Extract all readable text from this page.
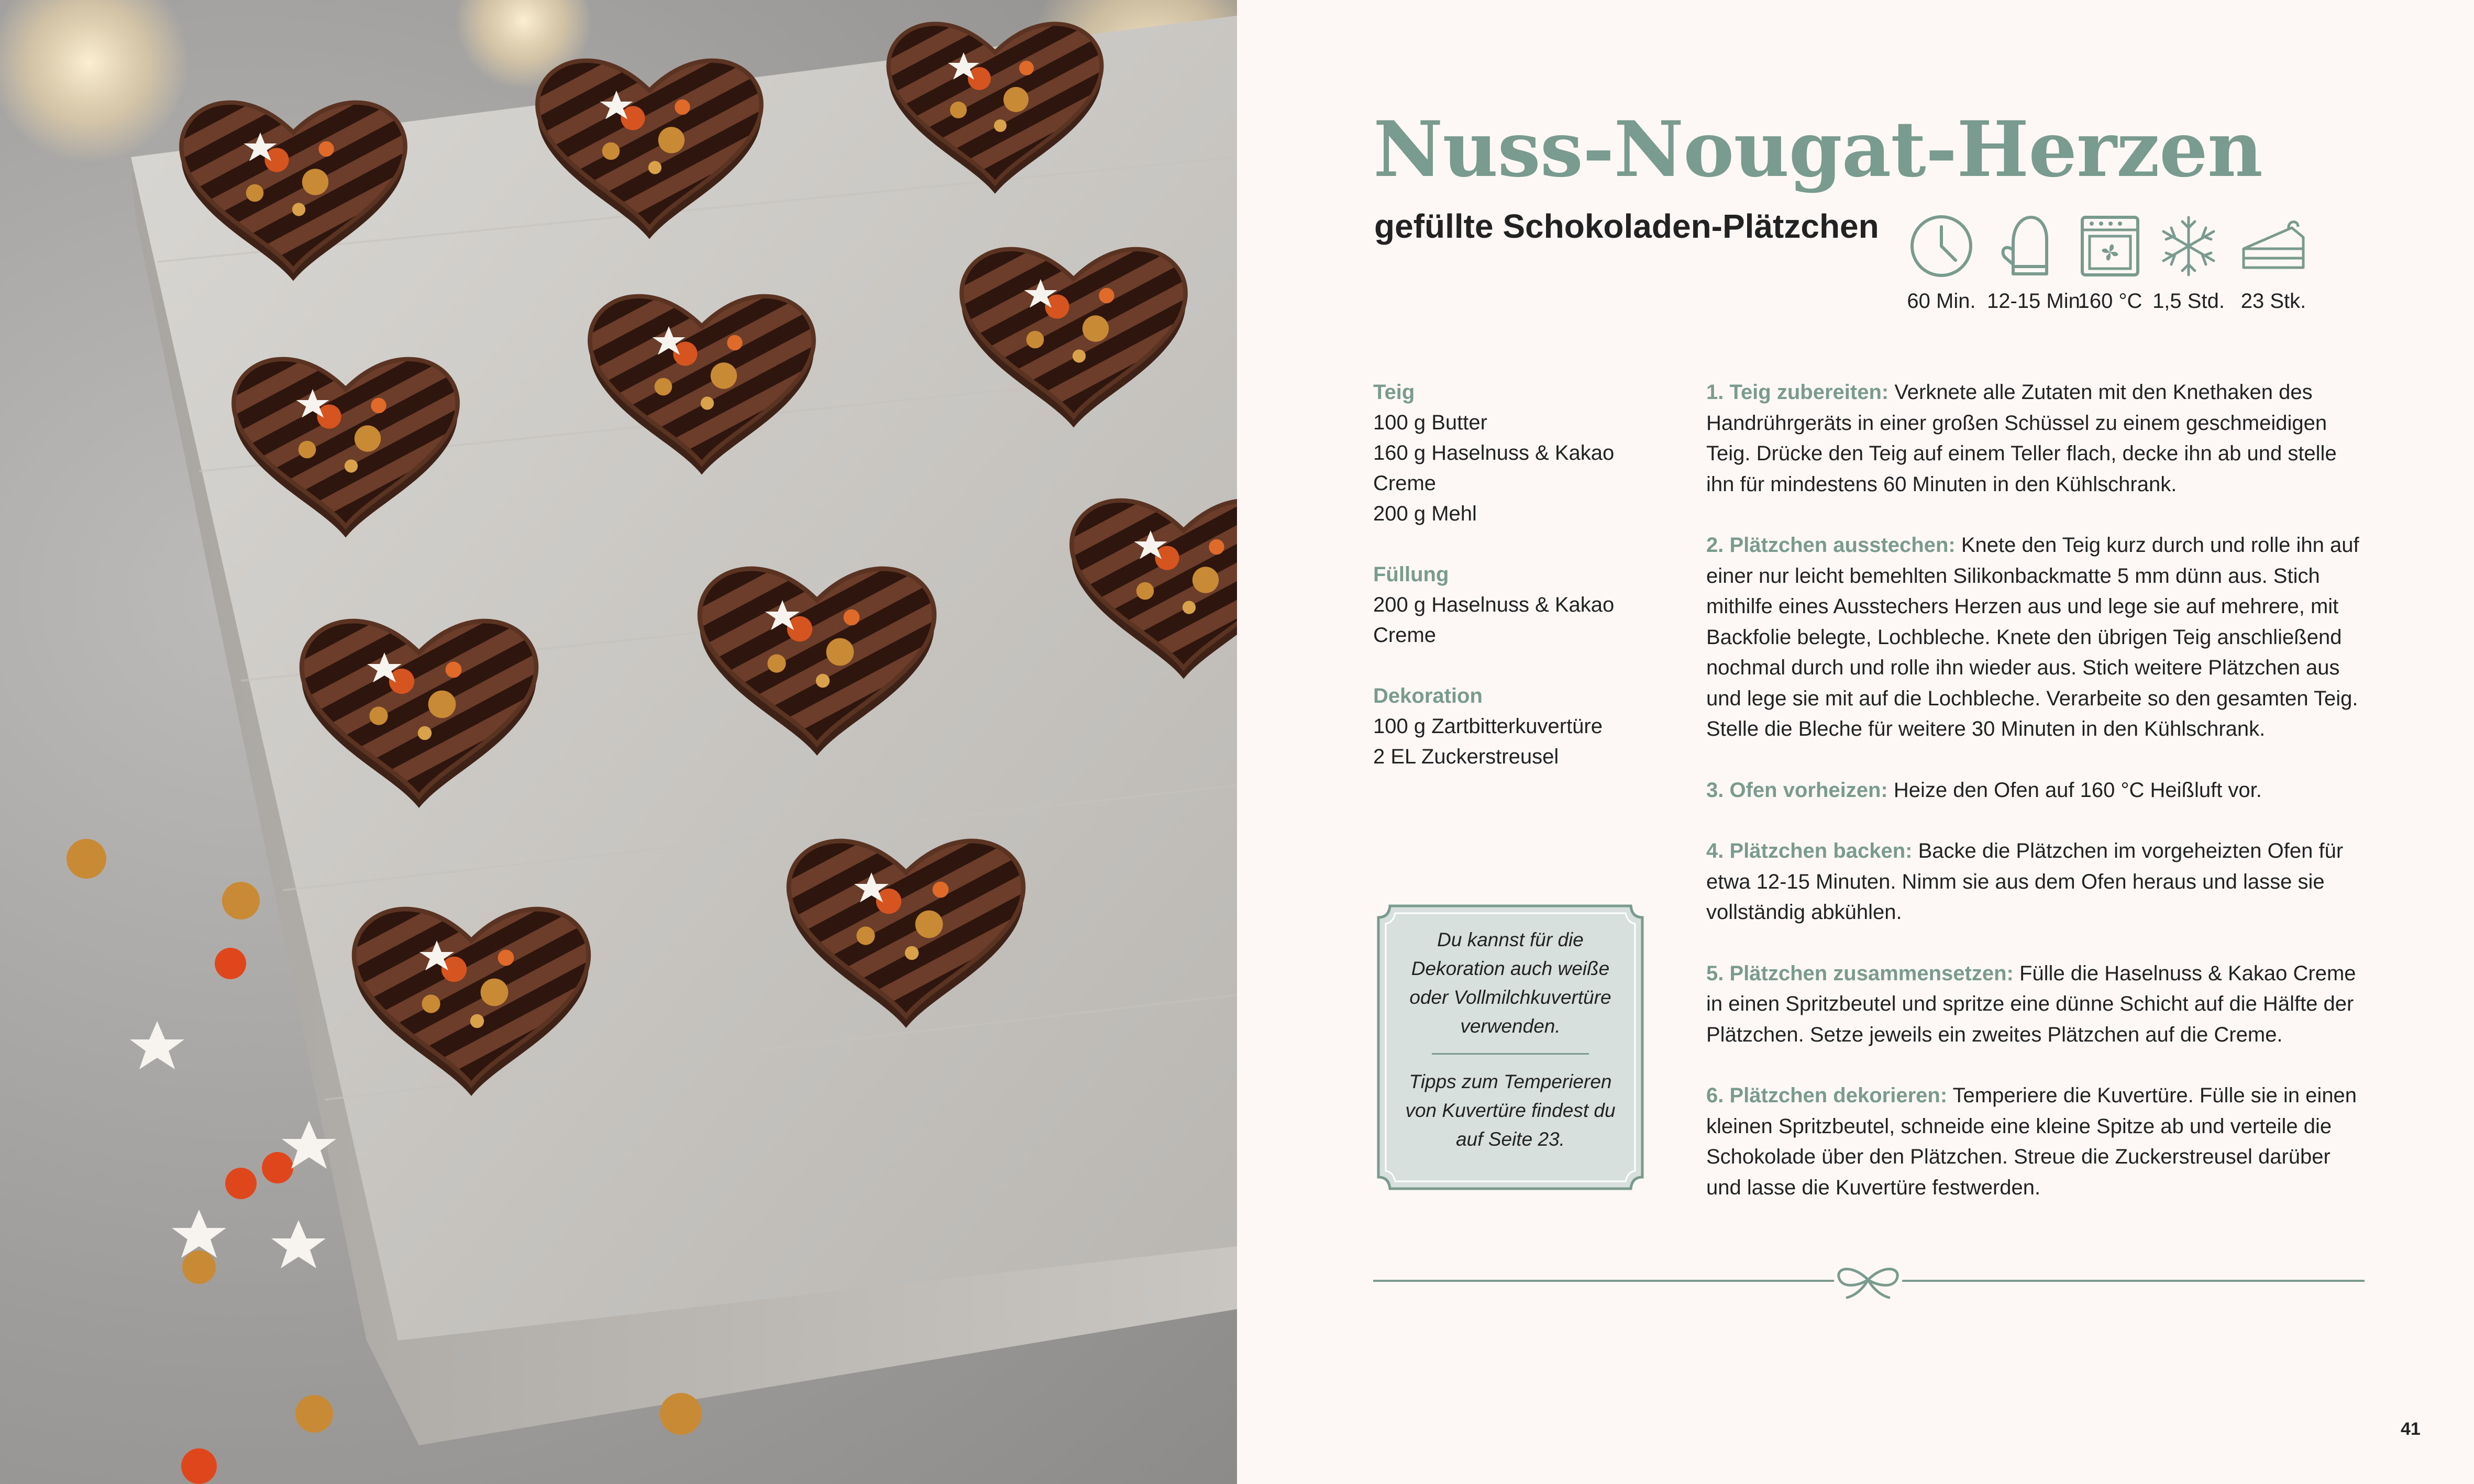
Nuss-Nougat-Herzen
gefüllte Schokoladen-Plätzchen
60 Min. 12-15 Min.
160 °C 1,5 Std. 23 Stk.
Teig
100 g Butter
160 g Haselnuss & Kakao
Creme
200 g Mehl
Füllung
200 g Haselnuss & Kakao
Creme
Dekoration
100 g Zartbitterkuvertüre
2 EL Zuckerstreusel
1. Teig zubereiten: Verknete alle Zutaten mit den Knethaken des Handrührgeräts in einer großen Schüssel zu einem geschmeidigen Teig. Drücke den Teig auf einem Teller flach, decke ihn ab und stelle ihn für mindestens 60 Minuten in den Kühlschrank.
2. Plätzchen ausstechen: Knete den Teig kurz durch und rolle ihn auf einer nur leicht bemehlten Silikonbackmatte 5 mm dünn aus. Stich mithilfe eines Ausstechers Herzen aus und lege sie auf mehrere, mit Backfolie belegte, Lochbleche. Knete den übrigen Teig anschließend nochmal durch und rolle ihn wieder aus. Stich weitere Plätzchen aus und lege sie mit auf die Lochbleche. Verarbeite so den gesamten Teig. Stelle die Bleche für weitere 30 Minuten in den Kühlschrank.
3. Ofen vorheizen: Heize den Ofen auf 160 °C Heißluft vor.
4. Plätzchen backen: Backe die Plätzchen im vorgeheizten Ofen für etwa 12-15 Minuten. Nimm sie aus dem Ofen heraus und lasse sie vollständig abkühlen.
5. Plätzchen zusammensetzen: Fülle die Haselnuss & Kakao Creme in einen Spritzbeutel und spritze eine dünne Schicht auf die Hälfte der Plätzchen. Setze jeweils ein zweites Plätzchen auf die Creme.
6. Plätzchen dekorieren: Temperiere die Kuvertüre. Fülle sie in einen kleinen Spritzbeutel, schneide eine kleine Spitze ab und verteile die Schokolade über den Plätzchen. Streue die Zuckerstreusel darüber und lasse die Kuvertüre festwerden.
Du kannst für die Dekoration auch weiße oder Vollmilchkuvertüre verwenden.
Tipps zum Temperieren von Kuvertüre findest du auf Seite 23.
41
